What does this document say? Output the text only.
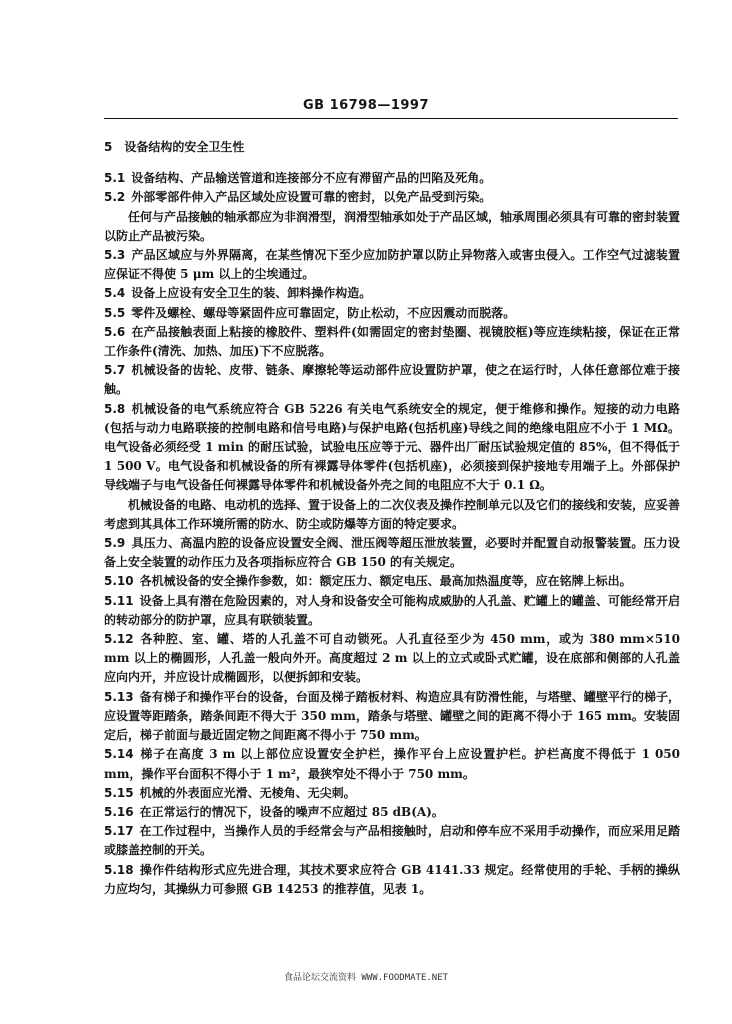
GB 16798—1997
5 设备结构的安全卫生性

5.1 设备结构、产品输送管道和连接部分不应有滞留产品的凹陷及死角。

5.2 外部零部件伸入产品区域处应设置可靠的密封，以免产品受到污染。

任何与产品接触的轴承都应为非润滑型，润滑型轴承如处于产品区域，轴承周围必须具有可靠的密封装置以防止产品被污染。

5.3 产品区域应与外界隔离，在某些情况下至少应加防护罩以防止异物落入或害虫侵入。工作空气过滤装置应保证不得使 5 μm 以上的尘埃通过。

5.4 设备上应设有安全卫生的装、卸料操作构造。

5.5 零件及螺栓、螺母等紧固件应可靠固定，防止松动，不应因震动而脱落。

5.6 在产品接触表面上粘接的橡胶件、塑料件(如需固定的密封垫圈、视镜胶框)等应连续粘接，保证在正常工作条件(清洗、加热、加压)下不应脱落。

5.7 机械设备的齿轮、皮带、链条、摩擦轮等运动部件应设置防护罩，使之在运行时，人体任意部位难于接触。

5.8 机械设备的电气系统应符合 GB 5226 有关电气系统安全的规定，便于维修和操作。短接的动力电路(包括与动力电路联接的控制电路和信号电路)与保护电路(包括机座)导线之间的绝缘电阻应不小于 1 MΩ。电气设备必须经受 1 min 的耐压试验，试验电压应等于元、器件出厂耐压试验规定值的 85%，但不得低于 1 500 V。电气设备和机械设备的所有裸露导体零件(包括机座)，必须接到保护接地专用端子上。外部保护导线端子与电气设备任何裸露导体零件和机械设备外壳之间的电阻应不大于 0.1 Ω。

机械设备的电路、电动机的选择、置于设备上的二次仪表及操作控制单元以及它们的接线和安装，应妥善考虑到其具体工作环境所需的防水、防尘或防爆等方面的特定要求。

5.9 具压力、高温内腔的设备应设置安全阀、泄压阀等超压泄放装置，必要时并配置自动报警装置。压力设备上安全装置的动作压力及各项指标应符合 GB 150 的有关规定。

5.10 各机械设备的安全操作参数，如：额定压力、额定电压、最高加热温度等，应在铭牌上标出。

5.11 设备上具有潜在危险因素的，对人身和设备安全可能构成威胁的人孔盖、贮罐上的罐盖、可能经常开启的转动部分的防护罩，应具有联锁装置。

5.12 各种腔、室、罐、塔的人孔盖不可自动锁死。人孔直径至少为 450 mm，或为 380 mm×510 mm 以上的椭圆形，人孔盖一般向外开。高度超过 2 m 以上的立式或卧式贮罐，设在底部和侧部的人孔盖应向内开，并应设计成椭圆形，以便拆卸和安装。

5.13 备有梯子和操作平台的设备，台面及梯子踏板材料、构造应具有防滑性能，与塔壁、罐壁平行的梯子，应设置等距踏条，踏条间距不得大于 350 mm，踏条与塔壁、罐壁之间的距离不得小于 165 mm。安装固定后，梯子前面与最近固定物之间距离不得小于 750 mm。

5.14 梯子在高度 3 m 以上部位应设置安全护栏，操作平台上应设置护栏。护栏高度不得低于 1 050 mm，操作平台面积不得小于 1 m²，最狭窄处不得小于 750 mm。

5.15 机械的外表面应光滑、无棱角、无尖刺。

5.16 在正常运行的情况下，设备的噪声不应超过 85 dB(A)。

5.17 在工作过程中，当操作人员的手经常会与产品相接触时，启动和停车应不采用手动操作，而应采用足踏或膝盖控制的开关。

5.18 操作件结构形式应先进合理，其技术要求应符合 GB 4141.33 规定。经常使用的手轮、手柄的操纵力应均匀，其操纵力可参照 GB 14253 的推荐值，见表 1。

食品论坛交流资料 WWW.FOODMATE.NET
